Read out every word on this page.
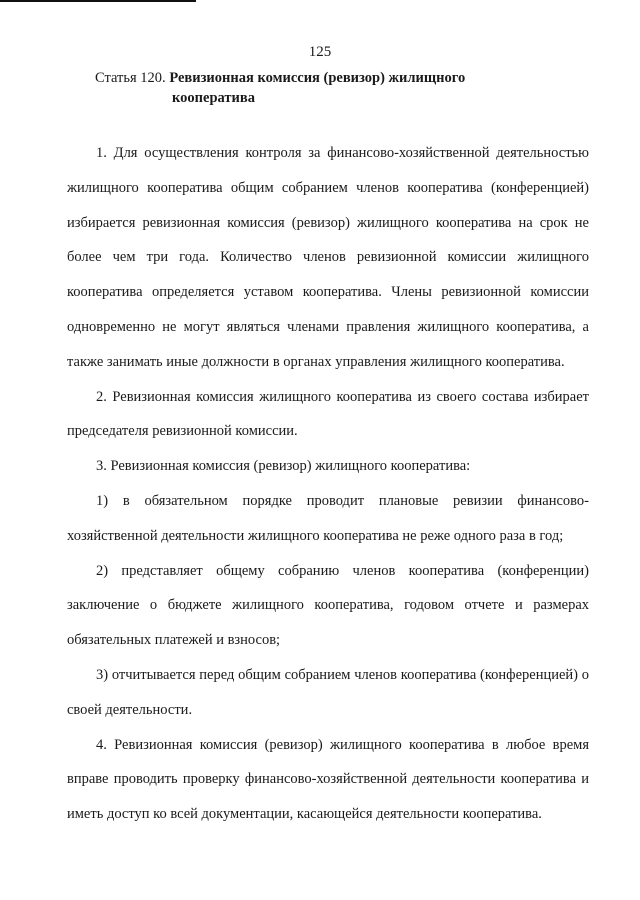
125
Статья 120. Ревизионная комиссия (ревизор) жилищного
кооператива

1. Для осуществления контроля за финансово-хозяйственной деятельностью жилищного кооператива общим собранием членов кооператива (конференцией) избирается ревизионная комиссия (ревизор) жилищного кооператива на срок не более чем три года. Количество членов ревизионной комиссии жилищного кооператива определяется уставом кооператива. Члены ревизионной комиссии одновременно не могут являться членами правления жилищного кооператива, а также занимать иные должности в органах управления жилищного кооператива.

2. Ревизионная комиссия жилищного кооператива из своего состава избирает председателя ревизионной комиссии.

3. Ревизионная комиссия (ревизор) жилищного кооператива:

1) в обязательном порядке проводит плановые ревизии финансово-хозяйственной деятельности жилищного кооператива не реже одного раза в год;

2) представляет общему собранию членов кооператива (конференции) заключение о бюджете жилищного кооператива, годовом отчете и размерах обязательных платежей и взносов;

3) отчитывается перед общим собранием членов кооператива (конференцией) о своей деятельности.

4. Ревизионная комиссия (ревизор) жилищного кооператива в любое время вправе проводить проверку финансово-хозяйственной деятельности кооператива и иметь доступ ко всей документации, касающейся деятельности кооператива.
